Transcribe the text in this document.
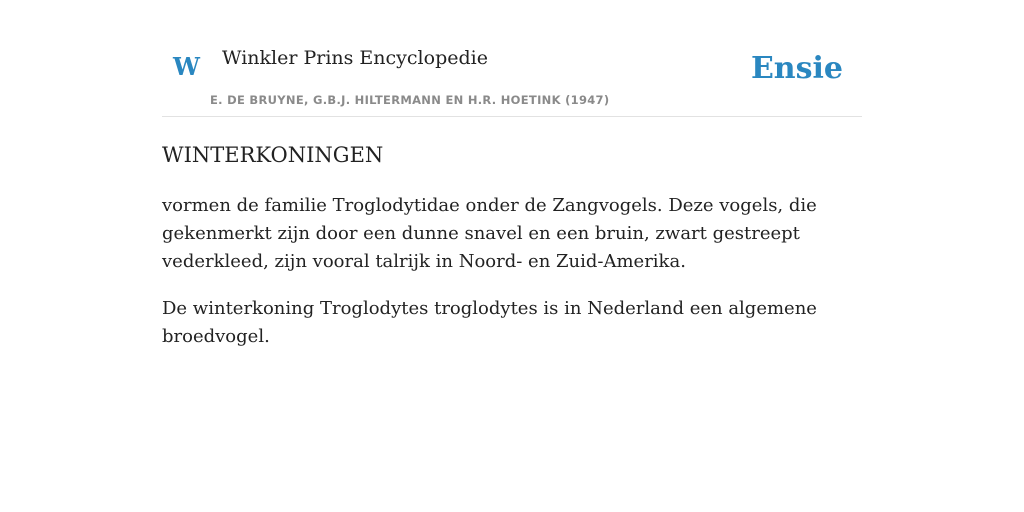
W Winkler Prins Encyclopedie
E. DE BRUYNE, G.B.J. HILTERMANN EN H.R. HOETINK (1947)
Ensie
WINTERKONINGEN

vormen de familie Troglodytidae onder de Zangvogels. Deze vogels, die gekenmerkt zijn door een dunne snavel en een bruin, zwart gestreept vederkleed, zijn vooral talrijk in Noord- en Zuid-Amerika.

De winterkoning Troglodytes troglodytes is in Nederland een algemene broedvogel.
